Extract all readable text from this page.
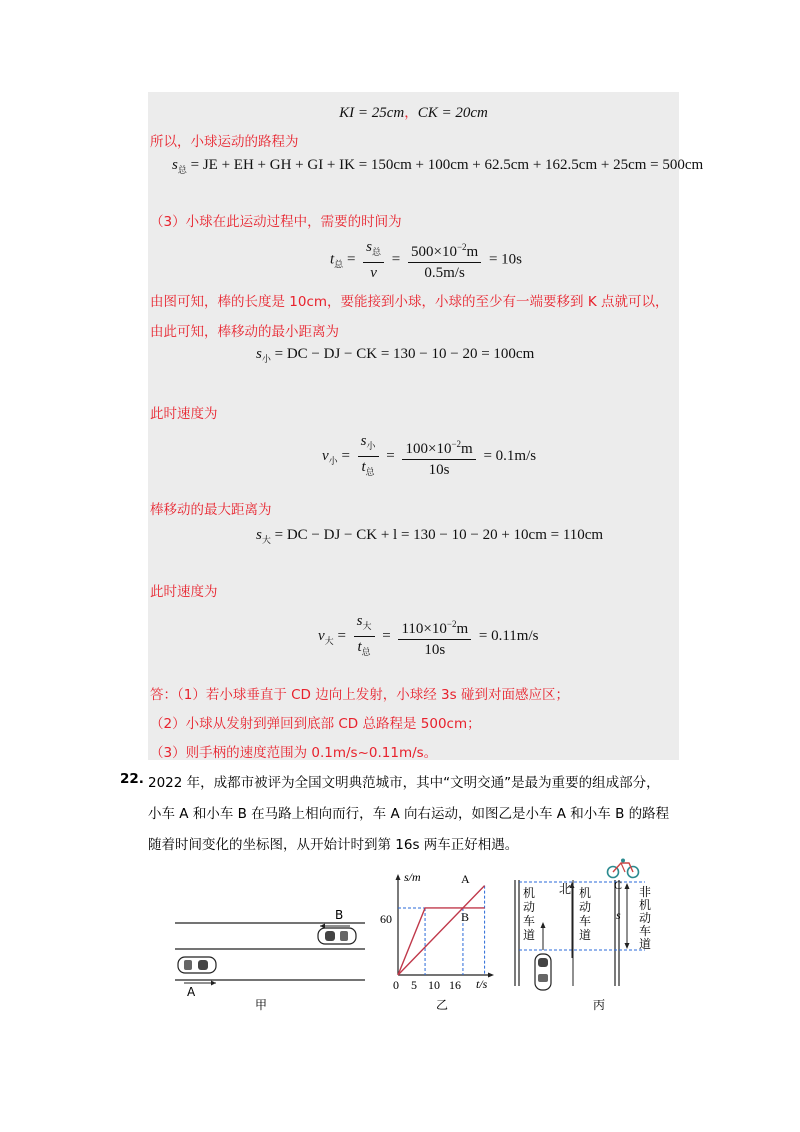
KI = 25cm，CK = 20cm
所以，小球运动的路程为
$s_总$ = JE + EH + GH + GI + IK = 150cm + 100cm + 62.5cm + 162.5cm + 25cm = 500cm
（3）小球在此运动过程中，需要的时间为
$t_总 = \frac{s_总}{v} = \frac{500\times 10^{-2}m}{0.5m/s} = 10s$
由图可知，棒的长度是 10cm，要能接到小球，小球的至少有一端要移到 K 点就可以，
由此可知，棒移动的最小距离为
$s_小$ = DC − DJ − CK = 130 − 10 − 20 = 100cm
此时速度为
$v_小 = \frac{s_小}{t_总} = \frac{100\times 10^{-2}m}{10s} = 0.1m/s$
棒移动的最大距离为
$s_大$ = DC − DJ − CK + l = 130 − 10 − 20 + 10cm = 110cm
此时速度为
$v_大 = \frac{s_大}{t_总} = \frac{110\times 10^{-2}m}{10s} = 0.11m/s$
答：（1）若小球垂直于 CD 边向上发射，小球经 3s 碰到对面感应区；
（2）小球从发射到弹回到底部 CD 总路程是 500cm；
（3）则手柄的速度范围为 0.1m/s~0.11m/s。
22. 2022 年，成都市被评为全国文明典范城市，其中“文明交通”是最为重要的组成部分，
小车 A 和小车 B 在马路上相向而行，车 A 向右运动，如图乙是小车 A 和小车 B 的路程
随着时间变化的坐标图，从开始计时到第 16s 两车正好相遇。
B
A
甲
s/m
t/s
60
0 5 10 16
A
B
乙
机动车道
机动车道
非机动车道
北	C
s
丙
